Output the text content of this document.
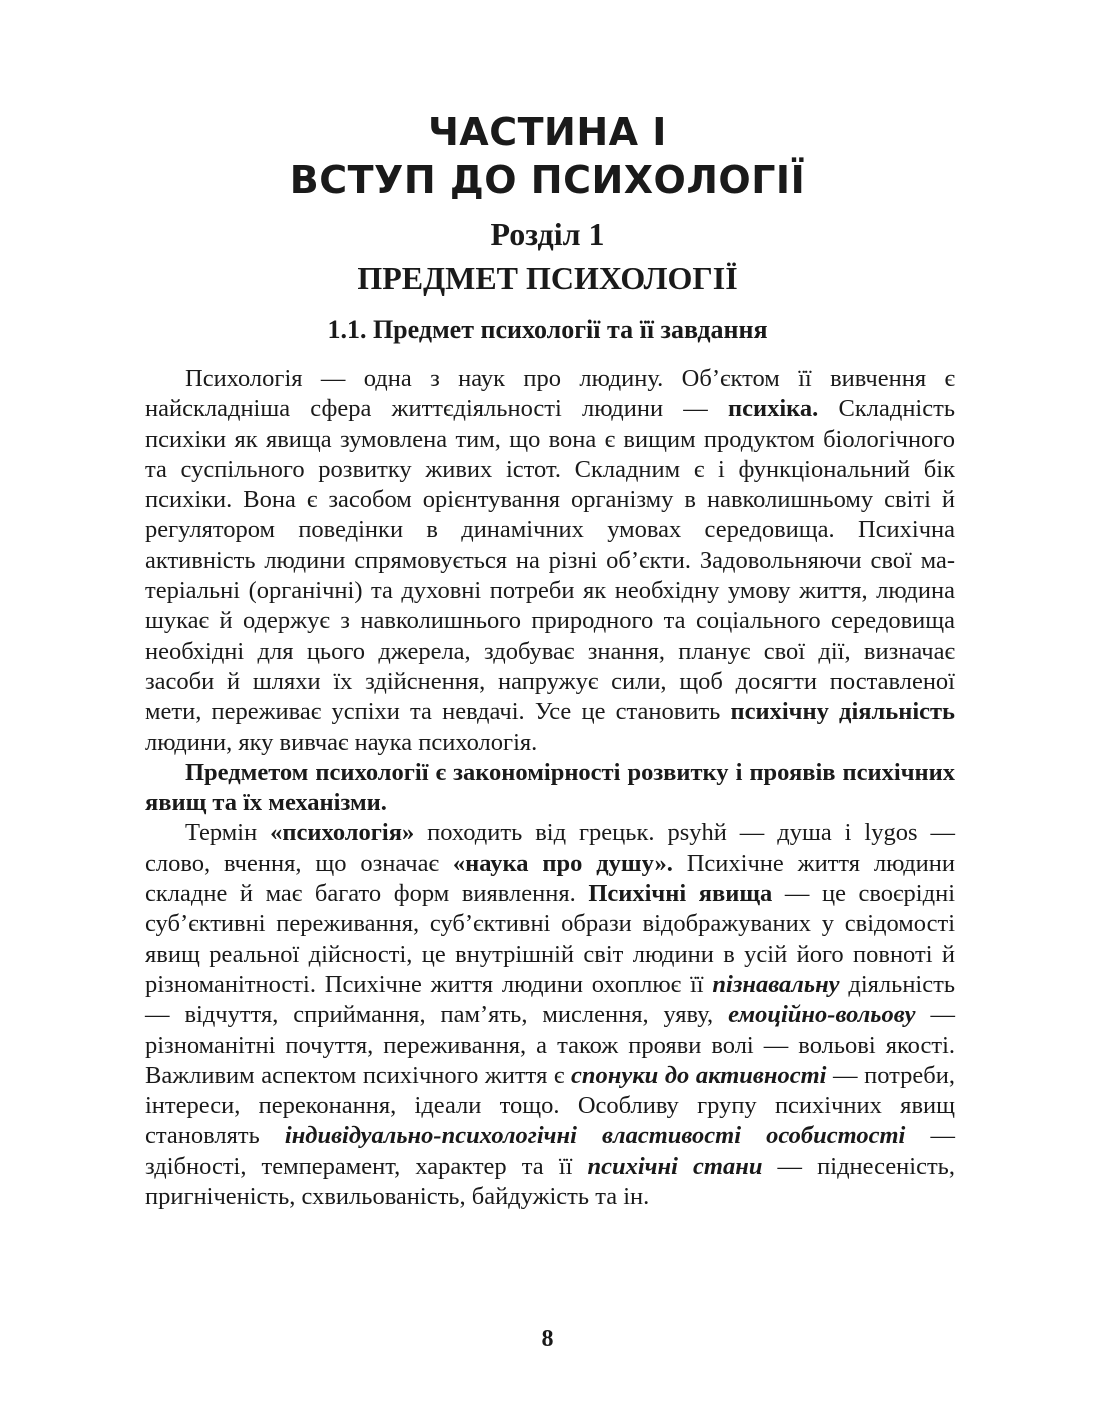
ЧАСТИНА І
ВСТУП ДО ПСИХОЛОГІЇ
Розділ 1
ПРЕДМЕТ ПСИХОЛОГІЇ
1.1. Предмет психології та її завдання

Психологія — одна з наук про людину. Об’єктом її вивчення є найскладніша сфера життєдіяльності людини — психіка. Складність психіки як явища зумовлена тим, що вона є вищим продуктом біологічного та суспільного розвитку живих істот. Складним є і функціональний бік психіки. Вона є засобом орієнтування організму в навколишньому світі й регулятором поведінки в динамічних умовах середовища. Психічна активність людини спрямовується на різні об’єкти. Задовольняючи свої матеріальні (органічні) та духовні потреби як необхідну умову життя, людина шукає й одержує з навколишнього природного та соціального середовища необхідні для цього джерела, здобуває знання, планує свої дії, визначає засоби й шляхи їх здійснення, напружує сили, щоб досягти поставленої мети, переживає успіхи та невдачі. Усе це становить психічну діяльність людини, яку вивчає наука психологія.

Предметом психології є закономірності розвитку і проявів психічних явищ та їх механізми.

Термін «психологія» походить від грецьк. psyhй — душа і lygos — слово, вчення, що означає «наука про душу». Психічне життя людини складне й має багато форм виявлення. Психічні явища — це своєрідні суб’єктивні переживання, суб’єктивні образи відображуваних у свідомості явищ реальної дійсності, це внутрішній світ людини в усій його повноті й різноманітності. Психічне життя людини охоплює її пізнавальну діяльність — відчуття, сприймання, пам’ять, мислення, уяву, емоційно-вольову — різноманітні почуття, переживання, а також прояви волі — вольові якості. Важливим аспектом психічного життя є спонуки до активності — потреби, інтереси, переконання, ідеали тощо. Особливу групу психічних явищ становлять індивідуально-психологічні властивості особистості — здібності, темперамент, характер та її психічні стани — піднесеність, пригніченість, схвильованість, байдужість та ін.

8
